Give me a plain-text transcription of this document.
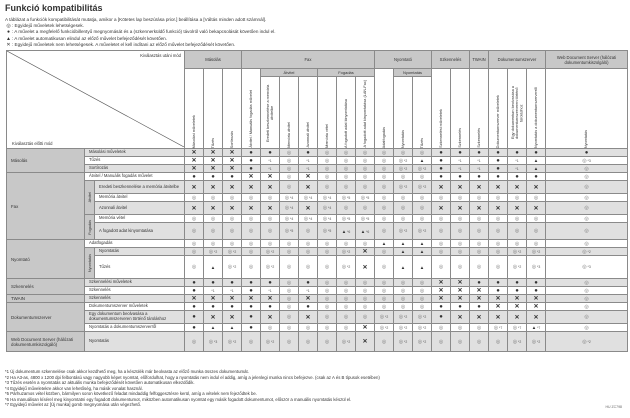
Funkció kompatibilitás
A táblázat a funkciók kompatibilitását mutatja, amikor a [Kötetes lap beszúrása prior.] beállítása a [Váltás minden adott számnál].
◎: Egyidejű műveletek lehetségesek.
● : A művelet a megfelelő funkcióbillentyű megnyomását és a (szkennerküldő funkció) távolról való bekapcsolását követően indul el.
▲: A művelet automatikusan elindul az előző művelet befejeződését követően.
✕: Egyidejű műveletek nem lehetségesek. A műveletet el kell indítani az előző művelet befejeződését követően.
Kiválasztás utáni mód
Kiválasztás előtti mód			Másolás			Fax							Nyomtató			Szkennelés		TWAIN	Dokumentumszerver			Web Document Server (hálózati dokumentumkiszolgáló)

			Másolási műveletek	Tűzés	Sortírozás	Átvitel / Manuális fogadás művelet	Átvitel			Fogadás			Adatfogadás	Nyomtatás		Szkennelési műveletek	Szkennelés	Szkennelés	Dokumentumszerver műveletek	Egy dokumentum beolvasása a dokumentumszerveren történő tároláshoz	Nyomtatás a dokumentumszerverről	Nyomtatás

							Eredeti beszkennelése a memória átvitelbe	Memória átvitel	Azonnali átvitel	Memória vétel	A fogadott adat kinyomtatása	A fogadott adat kinyomtatása (LAN-Fax)		Nyomtatás	Tűzés							

Másolás	Másolási műveletek		✕	✕	✕	●	●	◎	●	◎	◎	◎	◎	◎	◎	●	●	●	●	●	●	●
	Tűzés		✕	✕	✕	●	*1	◎	*1	◎	◎	◎	◎	◎ *2	▲	●	*1	*1	●	*1	▲	◎ *3
	Sortírozás		✕	✕	✕	●	*1	◎	*1	◎	◎	◎	◎	◎ *2	◎ *2	●	*1	*1	●	*1	▲	◎
Fax	Átvitel / Manuális fogadás művelet		●	●	●	✕	✕	◎	✕	◎	◎	◎	◎	◎	◎	●	●	●	●	●	●	◎

	Átvitel	Eredeti beszkennelése a memória átvitelbe	✕	✕	✕	✕	✕	◎	✕	◎	◎	◎	◎	◎ *2	◎ *2	✕	✕	✕	✕	✕	✕	◎
		Memória átvitel	◎	◎	◎	◎	◎	◎ *4	◎ *4	◎ *4	◎ *5	◎ *5	◎	◎	◎	◎	◎	◎	◎	◎	◎	◎
		Azonnali átvitel	✕	✕	✕	✕	✕	◎ *4	✕	◎ *4	◎	◎	◎	◎	◎	✕	✕	✕	✕	✕	✕	◎

	Fogadás	Memória vétel	◎	◎	◎	◎	◎	◎ *4	◎ *4	◎ *4	◎ *5	◎ *5	◎	◎	◎	◎	◎	◎	◎	◎	◎	◎
		A fogadott adat kinyomtatása	◎	◎	◎	◎	◎	◎ *5	◎	◎ *5	▲ *6	▲ *6	◎	◎ *2	◎ *2	◎	◎	◎	◎	◎	◎	◎
Nyomtató	Adatfogadás		◎	◎	◎	◎	◎	◎	◎	◎	◎	◎	▲	▲	▲	◎	◎	◎	◎	◎	◎	◎

	Nyomtatás	Nyomtatás	◎	◎ *2	◎ *2	◎	◎ *2	◎	◎	◎	◎ *2	✕	◎	▲	▲	◎	◎	◎	◎	◎ *2	◎ *2	◎ *2
		Tűzés	◎	▲	◎ *2	◎	◎ *2	◎	◎	◎	◎ *2	✕	◎	▲	▲	◎	◎	◎	◎	◎ *2	◎ *3	◎ *3
Szkennelés	Szkennelési műveletek		●	●	●	●	●	◎	●	◎	◎	◎	◎	◎	◎	✕	✕	●	●	●	●	◎
	Szkennelés		●	*1	*1	●	*1	◎	*1	◎	◎	◎	◎	◎	◎	✕	✕	✕	●	●	●	◎
TWAIN	Szkennelés		✕	✕	✕	✕	✕	◎	✕	◎	◎	◎	◎	◎	◎	✕	✕	✕	✕	✕	✕	◎
Dokumentumszerver	Dokumentumszerver műveletek		●	●	●	●	●	◎	●	◎	◎	◎	◎	◎	◎	●	●	●	✕	✕	✕	◎
	Egy dokumentum beolvasása a dokumentumszerveren történő tároláshoz		●	✕	✕	●	✕	◎	✕	◎	◎	◎	◎ *2	◎ *2	◎ *2	●	✕	✕	✕	✕	✕	◎
	Nyomtatás a dokumentumszerverről		●	▲	▲	●	◎	◎	◎	◎	◎	✕	◎ *2	◎ *2	◎ *2	◎	◎	◎	◎ *7	◎ *7	▲ *7	◎
Web Document Server (hálózati dokumentumkiszolgáló)	Nyomtatás		◎	◎ *3	◎ *2	◎	◎ *2	◎	◎	◎	◎ *2	✕	◎	◎ *2	◎ *2	◎	◎	◎	◎	◎ *2	◎ *2	◎ *2
*1 Új dokumentum szkennelése csak akkor kezdhető meg, ha a készülék már beolvasta az előző munka összes dokumentumát.
*2 Ha A3-as, 4800 x 1200 dpi felbontású vagy nagyobb képet nyomtat, előfordulhat, hogy a nyomtatás nem indul el addig, amíg a jelenlegi munka nincs befejezve. (csak az A és B típusok esetében)
*3 Tűzés esetén a nyomtatás az aktuális munka befejeződését követően automatikusan elkezdődik.
*4 Egyidejű műveletekre akkor van lehetőség, ha másik vonalat használ.
*5 Párhuzamos vétel közben, bármilyen soron következő feladat mindaddig felfüggesztésre kerül, amíg a vételek nem fejeződtek be.
*6 Ha manuálisan kísérel meg kinyomtatni egy fogadott dokumentumot, miközben automatikusan nyomtat egy másik fogadott dokumentumot, először a manuális nyomtatás készül el.
*7 Egyidejű művelet az [Új munka] gomb megnyomása után végezhető.	HU ZC798
